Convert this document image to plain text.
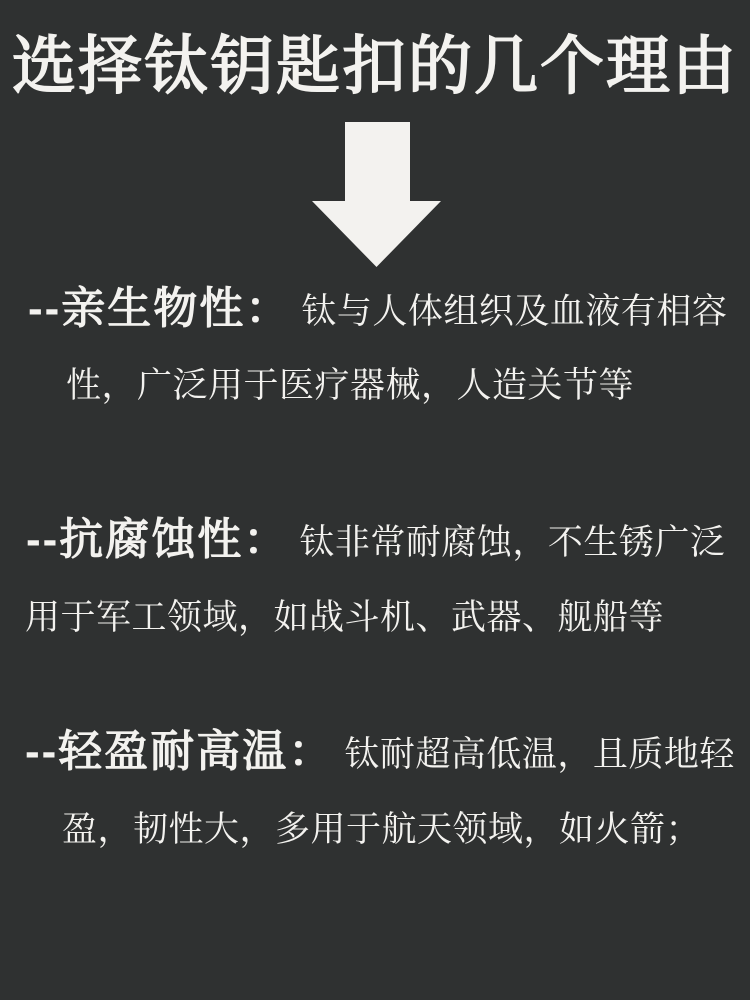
选择钛钥匙扣的几个理由
--亲生物性： 钛与人体组织及血液有相容
性，广泛用于医疗器械，人造关节等
--抗腐蚀性： 钛非常耐腐蚀，不生锈广泛
用于军工领域，如战斗机、武器、舰船等
--轻盈耐高温： 钛耐超高低温，且质地轻
盈，韧性大，多用于航天领域，如火箭；
